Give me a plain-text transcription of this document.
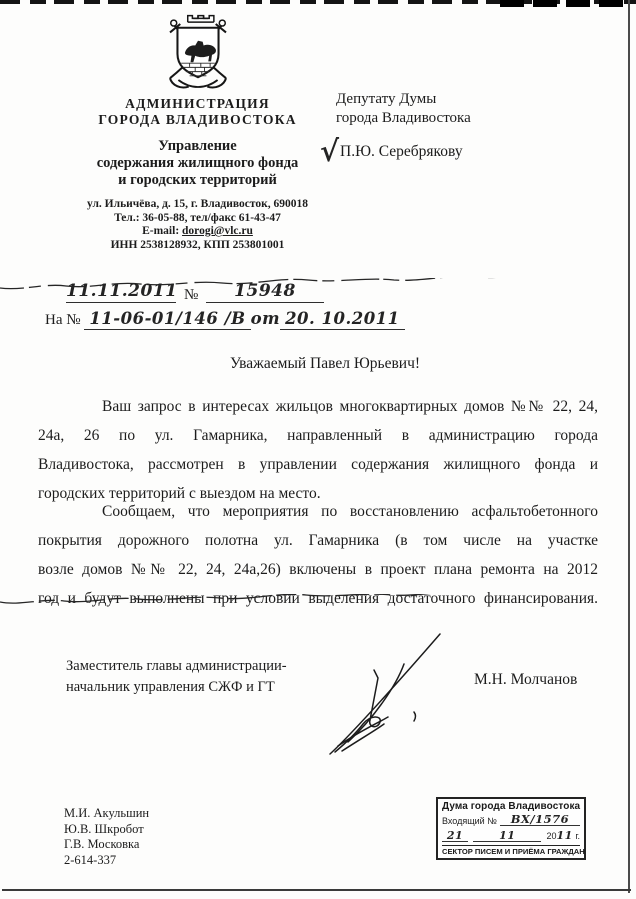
АДМИНИСТРАЦИЯ
ГОРОДА ВЛАДИВОСТОКА
Управление
содержания жилищного фонда
и городских территорий
ул. Ильичёва, д. 15, г. Владивосток, 690018
Тел.: 36-05-88, тел/факс 61-43-47
E-mail: dorogi@vlc.ru
ИНН 2538128932, КПП 253801001
Депутату Думы
города Владивостока
√ П.Ю. Серебрякову
11.11.2011 №	15948
На № 11-06-01/146 /В от 20. 10.2011
Уважаемый Павел Юрьевич!
Ваш запрос в интересах жильцов многоквартирных домов №№ 22, 24,
24а, 26 по ул. Гамарника, направленный в администрацию города
Владивостока, рассмотрен в управлении содержания жилищного фонда и
городских территорий с выездом на место.
Сообщаем, что мероприятия по восстановлению асфальтобетонного
покрытия дорожного полотна ул. Гамарника (в том числе на участке
возле домов №№ 22, 24, 24а,26) включены в проект плана ремонта на 2012
год и будут выполнены при условии выделения достаточного финансирования.
Заместитель главы администрации-
начальник управления СЖФ и ГТ	М.Н. Молчанов
М.И. Акульшин
Ю.В. Шкробот
Г.В. Московка
2-614-337
Дума города Владивостока
Входящий №	ВХ/1576
21	11	2011 г.
СЕКТОР ПИСЕМ И ПРИЁМА ГРАЖДАН
